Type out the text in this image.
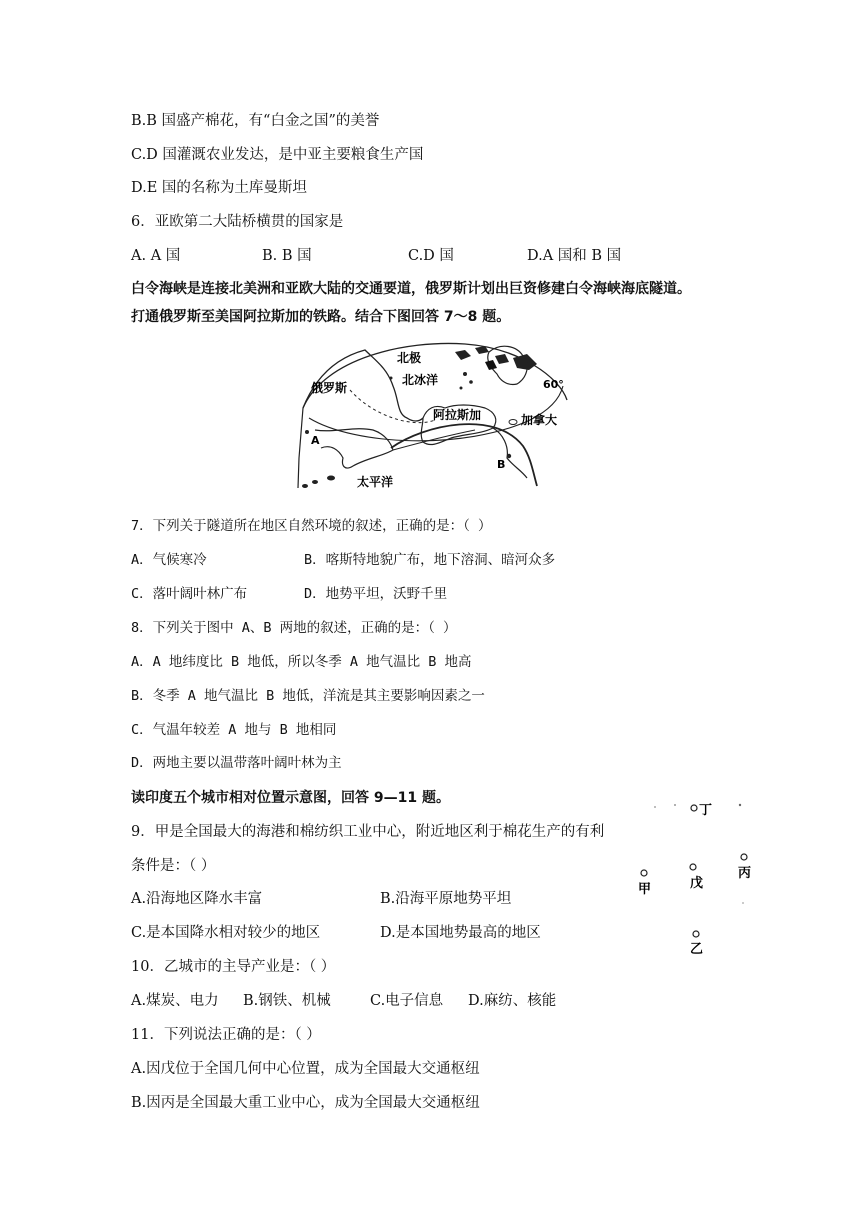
B.B 国盛产棉花，有“白金之国”的美誉

C.D 国灌溉农业发达，是中亚主要粮食生产国

D.E 国的名称为土库曼斯坦

6．亚欧第二大陆桥横贯的国家是

A. A 国	B. B 国	C.D 国	D.A 国和 B 国

白令海峡是连接北美洲和亚欧大陆的交通要道，俄罗斯计划出巨资修建白令海峡海底隧道。

打通俄罗斯至美国阿拉斯加的铁路。结合下图回答 7～8 题。

北极
北冰洋
俄罗斯
阿拉斯加	加拿大
60°
太平洋
A
B

7．下列关于隧道所在地区自然环境的叙述，正确的是：（ ）

A．气候寒冷	B．喀斯特地貌广布，地下溶洞、暗河众多
C．落叶阔叶林广布	D．地势平坦，沃野千里

8．下列关于图中 A、B 两地的叙述，正确的是：（ ）

A．A 地纬度比 B 地低，所以冬季 A 地气温比 B 地高

B．冬季 A 地气温比 B 地低，洋流是其主要影响因素之一

C．气温年较差 A 地与 B 地相同

D．两地主要以温带落叶阔叶林为主

读印度五个城市相对位置示意图，回答 9—11 题。

9．甲是全国最大的海港和棉纺织工业中心，附近地区利于棉花生产的有利

条件是：（ ）

A.沿海地区降水丰富	B.沿海平原地势平坦
C.是本国降水相对较少的地区	D.是本国地势最高的地区
丁
丙
戊
甲
乙

10．乙城市的主导产业是：（ ）

A.煤炭、电力 B.钢铁、机械	C.电子信息 D.麻纺、核能

11．下列说法正确的是：（ ）

A.因戊位于全国几何中心位置，成为全国最大交通枢纽

B.因丙是全国最大重工业中心，成为全国最大交通枢纽
